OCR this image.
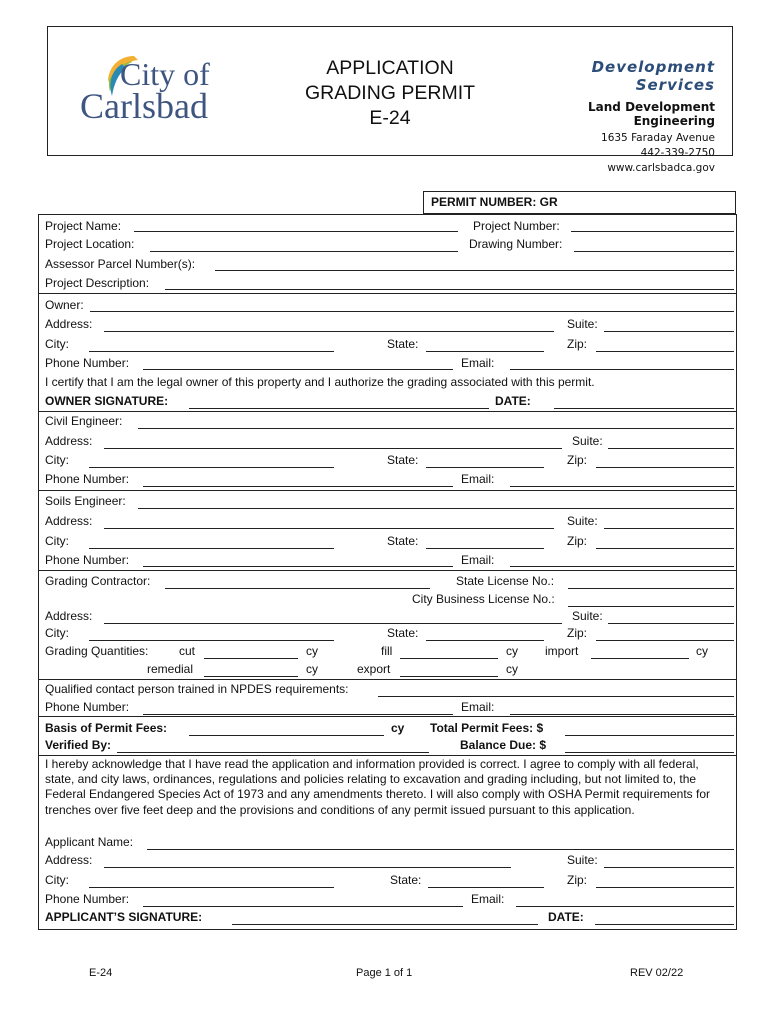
City of
Carlsbad
APPLICATION
GRADING PERMIT
E-24
Development Services
Land Development Engineering
1635 Faraday Avenue
442-339-2750
www.carlsbadca.gov
PERMIT NUMBER: GR
Project Name:	Project Number:
Project Location:	Drawing Number:
Assessor Parcel Number(s):
Project Description:
Owner:
Address:	Suite:
City:	State:	Zip:
Phone Number:	Email:
I certify that I am the legal owner of this property and I authorize the grading associated with this permit.
OWNER SIGNATURE:	DATE:
Civil Engineer:
Address:	Suite:
City:	State:	Zip:
Phone Number:	Email:
Soils Engineer:
Address:	Suite:
City:	State:	Zip:
Phone Number:	Email:
Grading Contractor:	State License No.:
City Business License No.:
Address:	Suite:
City:	State:	Zip:
Grading Quantities:	cut	cy	fill	cy import	cy
remedial	cy	export	cy
Qualified contact person trained in NPDES requirements:
Phone Number:	Email:
Basis of Permit Fees:	cy Total Permit Fees: $
Verified By:	Balance Due: $
I hereby acknowledge that I have read the application and information provided is correct. I agree to comply with all federal, state, and city laws, ordinances, regulations and policies relating to excavation and grading including, but not limited to, the Federal Endangered Species Act of 1973 and any amendments thereto. I will also comply with OSHA Permit requirements for trenches over five feet deep and the provisions and conditions of any permit issued pursuant to this application.
Applicant Name:
Address:	Suite:
City:	State:	Zip:
Phone Number:	Email:
APPLICANT’S SIGNATURE:	DATE:
E-24	Page 1 of 1	REV 02/22
